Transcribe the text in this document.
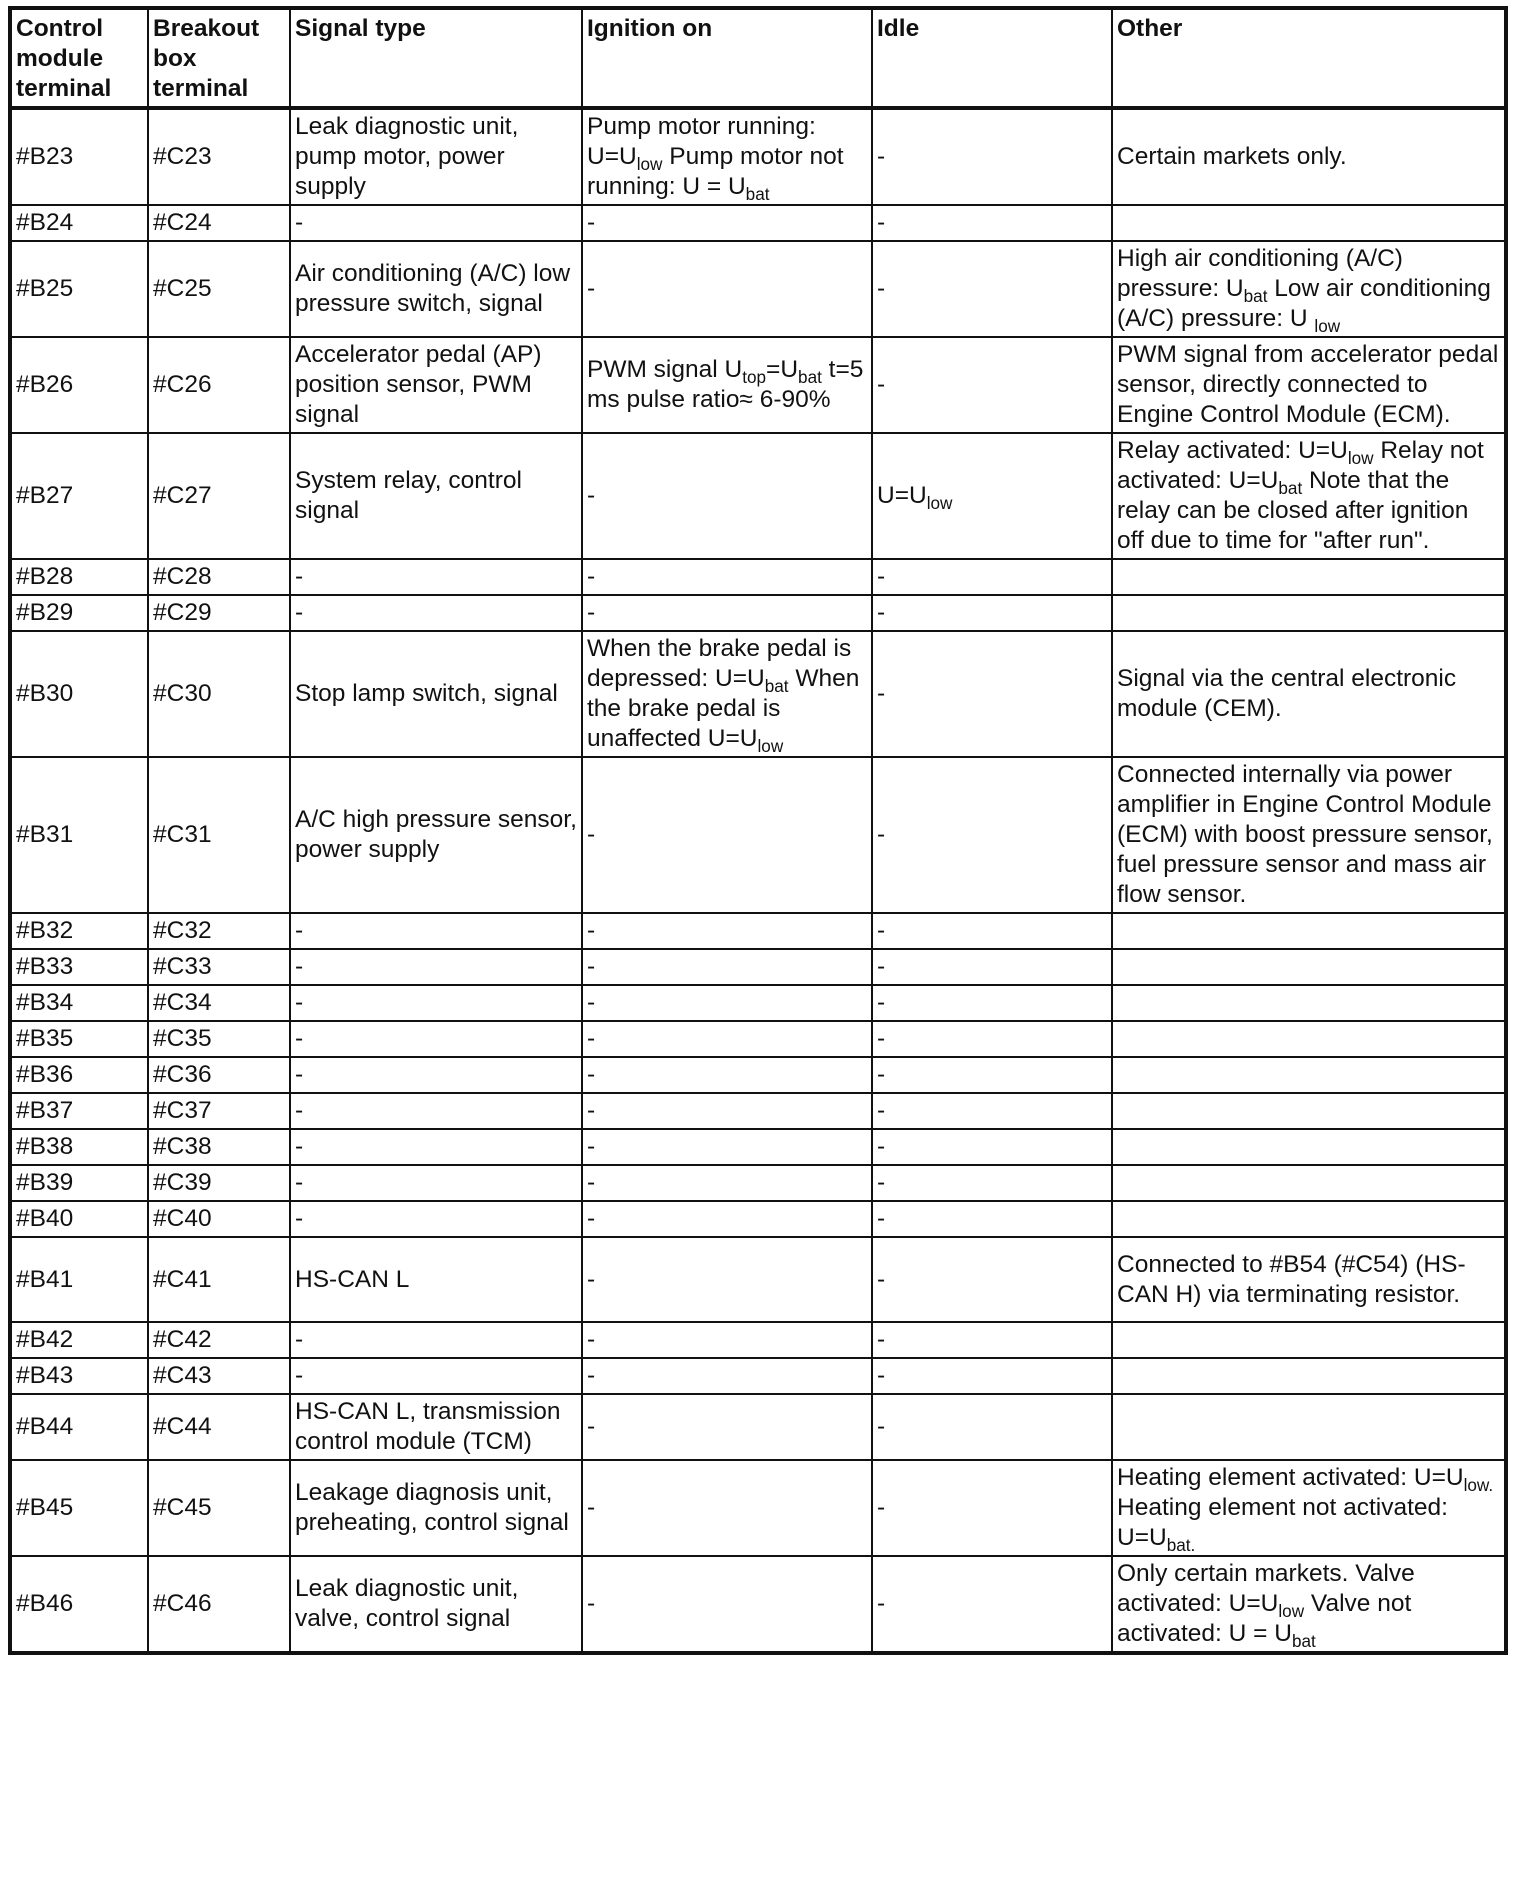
Control module terminal	Breakout box terminal	Signal type	Ignition on	Idle	Other
#B23	#C23	Leak diagnostic unit, pump motor, power supply	Pump motor running: $U=U_{low}$ Pump motor not running: $U = U_{bat}$	-	Certain markets only.
#B24	#C24	-	-	-	
#B25	#C25	Air conditioning (A/C) low pressure switch, signal	-	-	High air conditioning (A/C) pressure: $U_{bat}$ Low air conditioning (A/C) pressure: U $_{low}$
#B26	#C26	Accelerator pedal (AP) position sensor, PWM signal	PWM signal $U_{top}=U_{bat}$ t=5 ms pulse ratio≈ 6-90%	-	PWM signal from accelerator pedal sensor, directly connected to Engine Control Module (ECM).
#B27	#C27	System relay, control signal	-	$U=U_{low}$	Relay activated: $U=U_{low}$ Relay not activated: $U=U_{bat}$ Note that the relay can be closed after ignition off due to time for "after run".
#B28	#C28	-	-	-	
#B29	#C29	-	-	-	
#B30	#C30	Stop lamp switch, signal	When the brake pedal is depressed: $U=U_{bat}$ When the brake pedal is unaffected $U=U_{low}$	-	Signal via the central electronic module (CEM).
#B31	#C31	A/C high pressure sensor, power supply	-	-	Connected internally via power amplifier in Engine Control Module (ECM) with boost pressure sensor, fuel pressure sensor and mass air flow sensor.
#B32	#C32	-	-	-	
#B33	#C33	-	-	-	
#B34	#C34	-	-	-	
#B35	#C35	-	-	-	
#B36	#C36	-	-	-	
#B37	#C37	-	-	-	
#B38	#C38	-	-	-	
#B39	#C39	-	-	-	
#B40	#C40	-	-	-	
#B41	#C41	HS-CAN L	-	-	Connected to #B54 (#C54) (HS-CAN H) via terminating resistor.
#B42	#C42	-	-	-	
#B43	#C43	-	-	-	
#B44	#C44	HS-CAN L, transmission control module (TCM)	-	-	
#B45	#C45	Leakage diagnosis unit, preheating, control signal	-	-	Heating element activated: $U=U_{low.}$ Heating element not activated: $U=U_{bat.}$
#B46	#C46	Leak diagnostic unit, valve, control signal	-	-	Only certain markets. Valve activated: $U=U_{low}$ Valve not activated: $U = U_{bat}$
